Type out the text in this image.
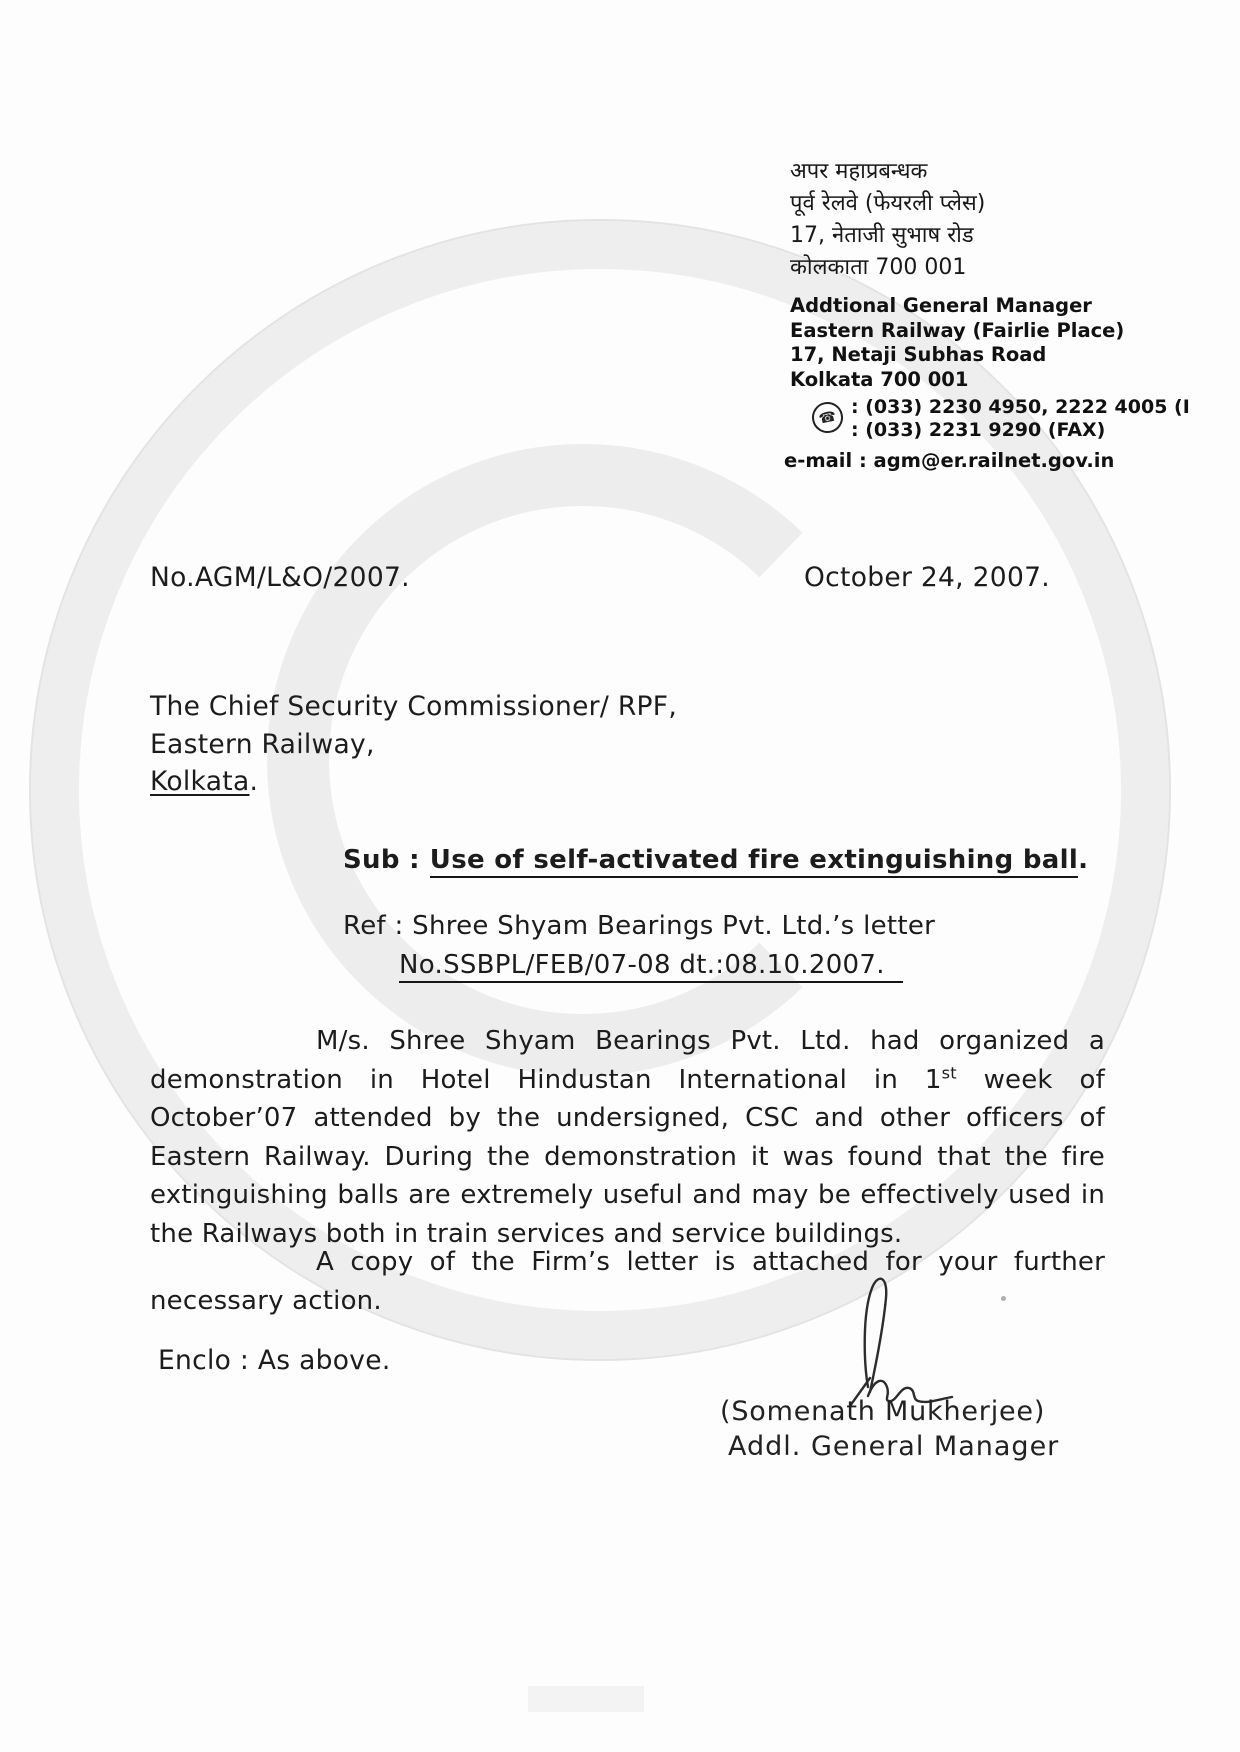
अपर महाप्रबन्धक
पूर्व रेलवे (फेयरली प्लेस)
17, नेताजी सुभाष रोड
कोलकाता 700 001
Addtional General Manager
Eastern Railway (Fairlie Place)
17, Netaji Subhas Road
Kolkata 700 001
☎ : (033) 2230 4950, 2222 4005 (I
: (033) 2231 9290 (FAX)
e-mail : agm@er.railnet.gov.in
No.AGM/L&O/2007.	October 24, 2007.
The Chief Security Commissioner/ RPF,
Eastern Railway,
Kolkata.
Sub : Use of self-activated fire extinguishing ball.
Ref : Shree Shyam Bearings Pvt. Ltd.’s letter
No.SSBPL/FEB/07-08 dt.:08.10.2007.

M/s. Shree Shyam Bearings Pvt. Ltd. had organized a demonstration in Hotel Hindustan International in 1st week of October’07 attended by the undersigned, CSC and other officers of Eastern Railway. During the demonstration it was found that the fire extinguishing balls are extremely useful and may be effectively used in the Railways both in train services and service buildings.

A copy of the Firm’s letter is attached for your further necessary action.

Enclo : As above.
(Somenath Mukherjee)
Addl. General Manager
